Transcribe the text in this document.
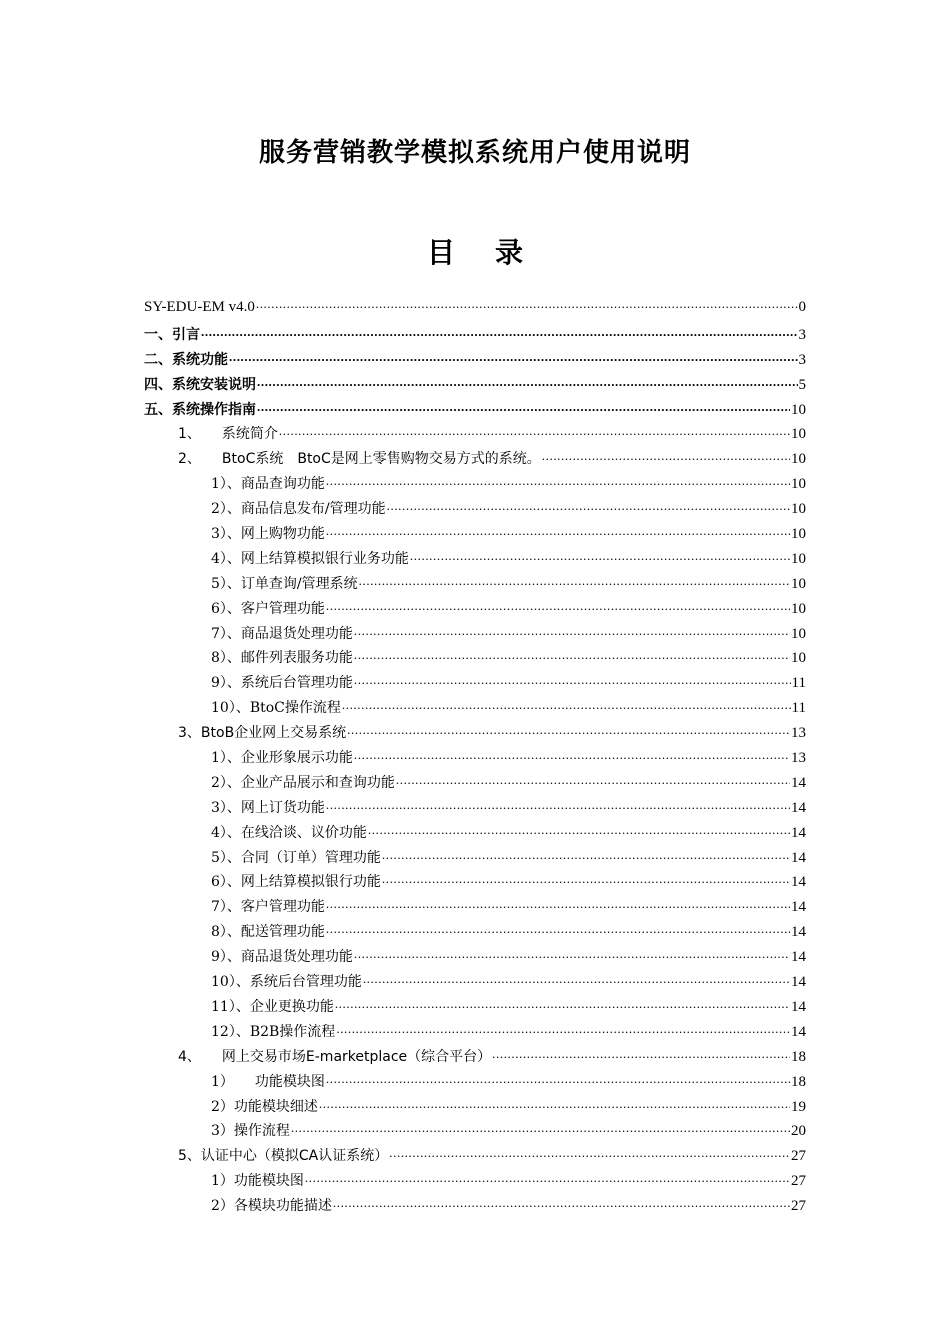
服务营销教学模拟系统用户使用说明
目 录
SY-EDU-EM v4.0 .....	0
一、引言 .....	3
二、系统功能 .....	3
四、系统安装说明 .....	5
五、系统操作指南 .....	10
1、　　系统简介 .....	10
2、　　BtoC系统　BtoC是网上零售购物交易方式的系统。 .....	10
1）、商品查询功能 .....	10
2）、商品信息发布/管理功能 .....	10
3）、网上购物功能 .....	10
4）、网上结算模拟银行业务功能 .....	10
5）、订单查询/管理系统 .....	10
6）、客户管理功能 .....	10
7）、商品退货处理功能 .....	10
8）、邮件列表服务功能 .....	10
9）、系统后台管理功能 .....	11
10）、BtoC操作流程 .....	11
3、BtoB企业网上交易系统 .....	13
1）、企业形象展示功能 .....	13
2）、企业产品展示和查询功能 .....	14
3）、网上订货功能 .....	14
4）、在线洽谈、议价功能 .....	14
5）、合同（订单）管理功能 .....	14
6）、网上结算模拟银行功能 .....	14
7）、客户管理功能 .....	14
8）、配送管理功能 .....	14
9）、商品退货处理功能 .....	14
10）、系统后台管理功能 .....	14
11）、企业更换功能 .....	14
12）、B2B操作流程 .....	14
4、　　网上交易市场E-marketplace（综合平台） .....	18
1）　　功能模块图 .....	18
2）功能模块细述 .....	19
3）操作流程 .....	20
5、认证中心（模拟CA认证系统） .....	27
1）功能模块图 .....	27
2）各模块功能描述 .....	27
